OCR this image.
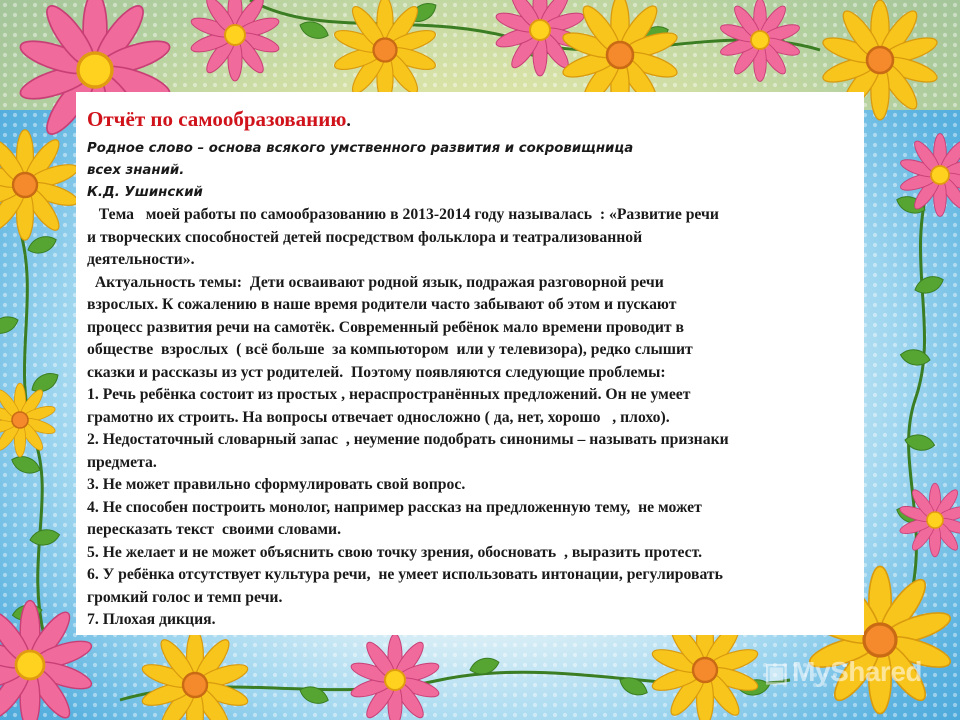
Отчёт по самообразованию.
Родное слово – основа всякого умственного развития и сокровищница
всех знаний.
К.Д. Ушинский
Тема   моей работы по самообразованию в 2013-2014 году называлась  : «Развитие речи
и творческих способностей детей посредством фольклора и театрализованной
деятельности».
Актуальность темы:  Дети осваивают родной язык, подражая разговорной речи
взрослых. К сожалению в наше время родители часто забывают об этом и пускают
процесс развития речи на самотёк. Современный ребёнок мало времени проводит в
обществе  взрослых  ( всё больше  за компьютором  или у телевизора), редко слышит
сказки и рассказы из уст родителей.  Поэтому появляются следующие проблемы:
1. Речь ребёнка состоит из простых , нераспространённых предложений. Он не умеет
грамотно их строить. На вопросы отвечает односложно ( да, нет, хорошо   , плохо).
2. Недостаточный словарный запас  , неумение подобрать синонимы – называть признаки
предмета.
3. Не может правильно сформулировать свой вопрос.
4. Не способен построить монолог, например рассказ на предложенную тему,  не может
пересказать текст  своими словами.
5. Не желает и не может объяснить свою точку зрения, обосновать  , выразить протест.
6. У ребёнка отсутствует культура речи,  не умеет использовать интонации, регулировать
громкий голос и темп речи.
7. Плохая дикция.
▣ MyShared
